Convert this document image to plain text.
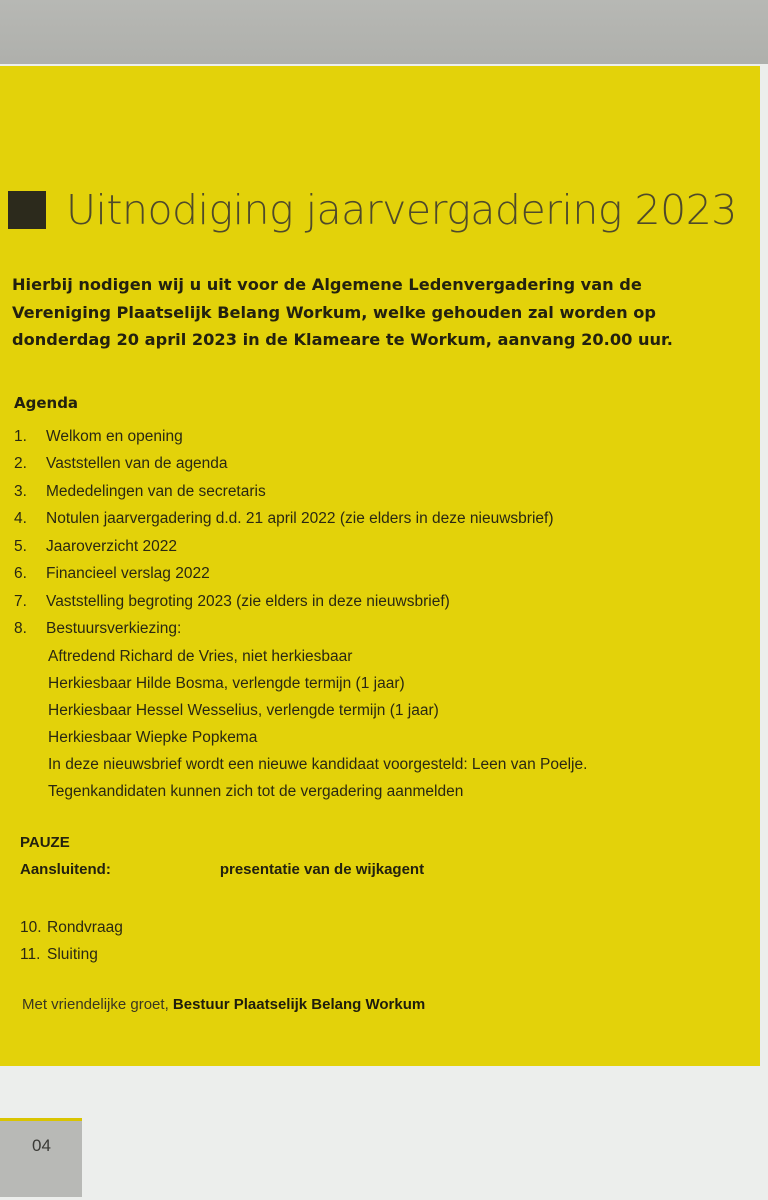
Uitnodiging jaarvergadering 2023
Hierbij nodigen wij u uit voor de Algemene Ledenvergadering van de
Vereniging Plaatselijk Belang Workum, welke gehouden zal worden op
donderdag 20 april 2023 in de Klameare te Workum, aanvang 20.00 uur.
Agenda
1.	Welkom en opening
2.	Vaststellen van de agenda
3.	Mededelingen van de secretaris
4.	Notulen jaarvergadering d.d. 21 april 2022 (zie elders in deze nieuwsbrief)
5.	Jaaroverzicht 2022
6.	Financieel verslag 2022
7.	Vaststelling begroting 2023 (zie elders in deze nieuwsbrief)
8.	Bestuursverkiezing:
Aftredend Richard de Vries, niet herkiesbaar
Herkiesbaar Hilde Bosma, verlengde termijn (1 jaar)
Herkiesbaar Hessel Wesselius, verlengde termijn (1 jaar)
Herkiesbaar Wiepke Popkema
In deze nieuwsbrief wordt een nieuwe kandidaat voorgesteld: Leen van Poelje.
Tegenkandidaten kunnen zich tot de vergadering aanmelden
PAUZE
Aansluitend:	presentatie van de wijkagent
10. Rondvraag
11. Sluiting
Met vriendelijke groet, Bestuur Plaatselijk Belang Workum
04
